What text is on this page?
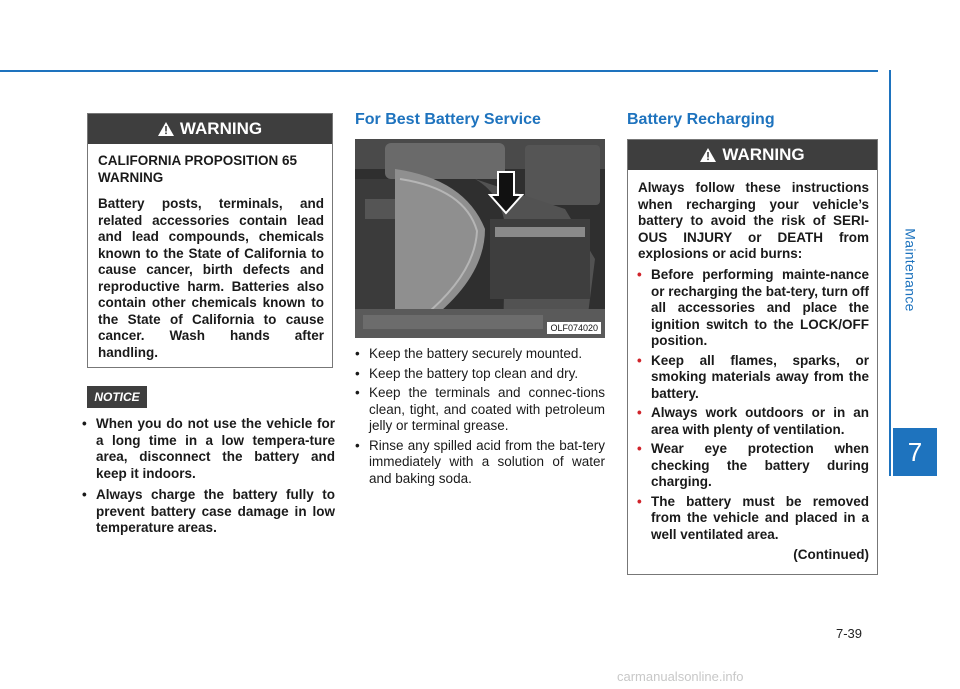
Maintenance
7
WARNING

CALIFORNIA PROPOSITION 65 WARNING

Battery posts, terminals, and related accessories contain lead and lead compounds, chemicals known to the State of California to cause cancer, birth defects and reproductive harm. Batteries also contain other chemicals known to the State of California to cause cancer. Wash hands after handling.

NOTICE
• When you do not use the vehicle for a long time in a low tempera-ture area, disconnect the battery and keep it indoors.
• Always charge the battery fully to prevent battery case damage in low temperature areas.
For Best Battery Service
OLF074020
• Keep the battery securely mounted.
• Keep the battery top clean and dry.
• Keep the terminals and connec-tions clean, tight, and coated with petroleum jelly or terminal grease.
• Rinse any spilled acid from the bat-tery immediately with a solution of water and baking soda.
Battery Recharging
WARNING

Always follow these instructions when recharging your vehicle’s battery to avoid the risk of SERI-OUS INJURY or DEATH from explosions or acid burns:

• Before performing mainte-nance or recharging the bat-tery, turn off all accessories and place the ignition switch to the LOCK/OFF position.
• Keep all flames, sparks, or smoking materials away from the battery.
• Always work outdoors or in an area with plenty of ventilation.
• Wear eye protection when checking the battery during charging.
• The battery must be removed from the vehicle and placed in a well ventilated area.
(Continued)
7-39
carmanualsonline.info
